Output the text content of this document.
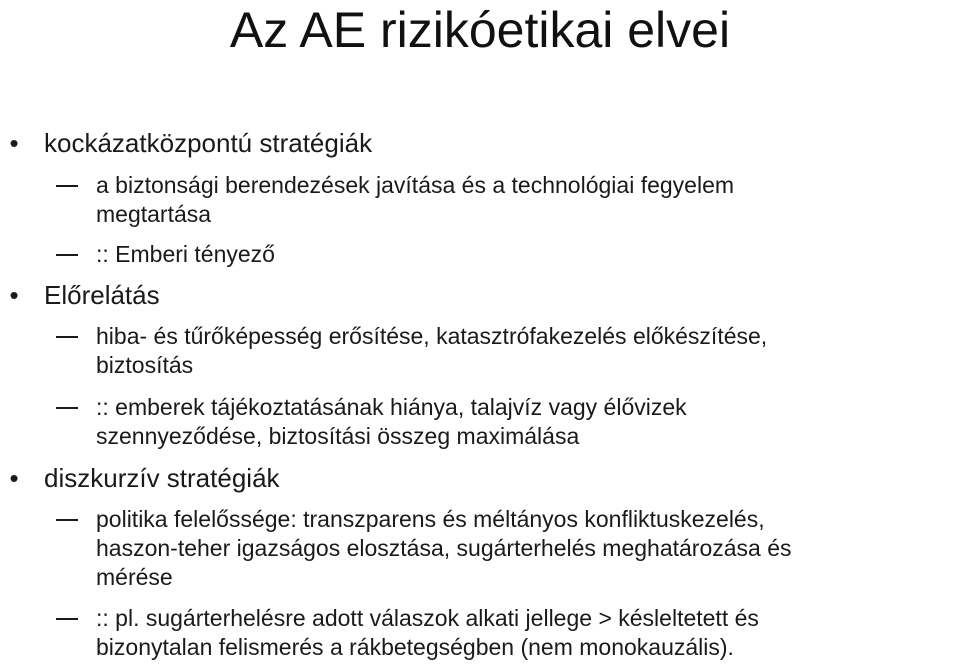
Az AE rizikóetikai elvei
• kockázatközpontú stratégiák
a biztonsági berendezések javítása és a technológiai fegyelem
megtartása
:: Emberi tényező
• Előrelátás
hiba- és tűrőképesség erősítése, katasztrófakezelés előkészítése,
biztosítás
:: emberek tájékoztatásának hiánya, talajvíz vagy élővizek
szennyeződése, biztosítási összeg maximálása
• diszkurzív stratégiák
politika felelőssége: transzparens és méltányos konfliktuskezelés,
haszon-teher igazságos elosztása, sugárterhelés meghatározása és
mérése
:: pl. sugárterhelésre adott válaszok alkati jellege > késleltetett és
bizonytalan felismerés a rákbetegségben (nem monokauzális).
